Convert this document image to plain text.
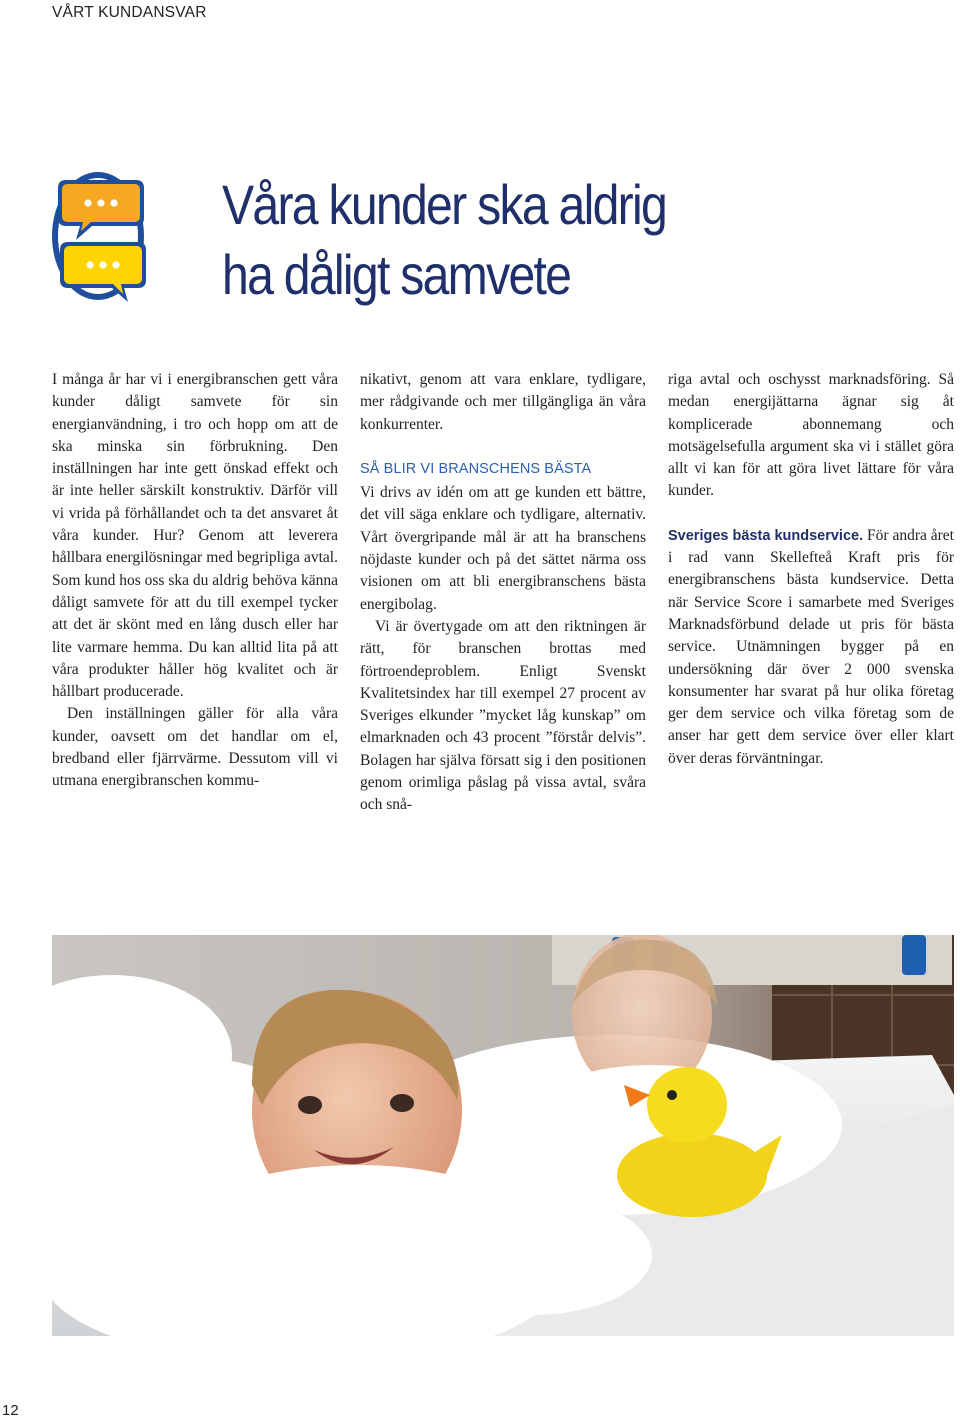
VÅRT KUNDANSVAR
Våra kunder ska aldrig
ha dåligt samvete

I många år har vi i energibranschen gett våra kunder dåligt samvete för sin energianvändning, i tro och hopp om att de ska minska sin förbrukning. Den inställningen har inte gett önskad effekt och är inte heller särskilt konstruktiv. Därför vill vi vrida på förhållandet och ta det ansvaret åt våra kunder. Hur? Genom att leverera hållbara energilösningar med begripliga avtal. Som kund hos oss ska du aldrig behöva känna dåligt samvete för att du till exempel tycker att det är skönt med en lång dusch eller har lite varmare hemma. Du kan alltid lita på att våra produkter håller hög kvalitet och är hållbart producerade.

Den inställningen gäller för alla våra kunder, oavsett om det handlar om el, bredband eller fjärrvärme. Dessutom vill vi utmana energibranschen kommu-

nikativt, genom att vara enklare, tydligare, mer rådgivande och mer tillgängliga än våra konkurrenter.

SÅ BLIR VI BRANSCHENS BÄSTA

Vi drivs av idén om att ge kunden ett bättre, det vill säga enklare och tydligare, alternativ. Vårt övergripande mål är att ha branschens nöjdaste kunder och på det sättet närma oss visionen om att bli energibranschens bästa energibolag.

Vi är övertygade om att den riktningen är rätt, för branschen brottas med förtroendeproblem. Enligt Svenskt Kvalitetsindex har till exempel 27 procent av Sveriges elkunder ”mycket låg kunskap” om elmarknaden och 43 procent ”förstår delvis”. Bolagen har själva försatt sig i den positionen genom orimliga påslag på vissa avtal, svåra och snå-

riga avtal och oschysst marknadsföring. Så medan energijättarna ägnar sig åt komplicerade abonnemang och motsägelsefulla argument ska vi i stället göra allt vi kan för att göra livet lättare för våra kunder.

Sveriges bästa kundservice. För andra året i rad vann Skellefteå Kraft pris för energibranschens bästa kundservice. Detta när Service Score i samarbete med Sveriges Marknadsförbund delade ut pris för bästa service. Utnämningen bygger på en undersökning där över 2 000 svenska konsumenter har svarat på hur olika företag ger dem service och vilka företag som de anser har gett dem service över eller klart över deras förväntningar.

12
